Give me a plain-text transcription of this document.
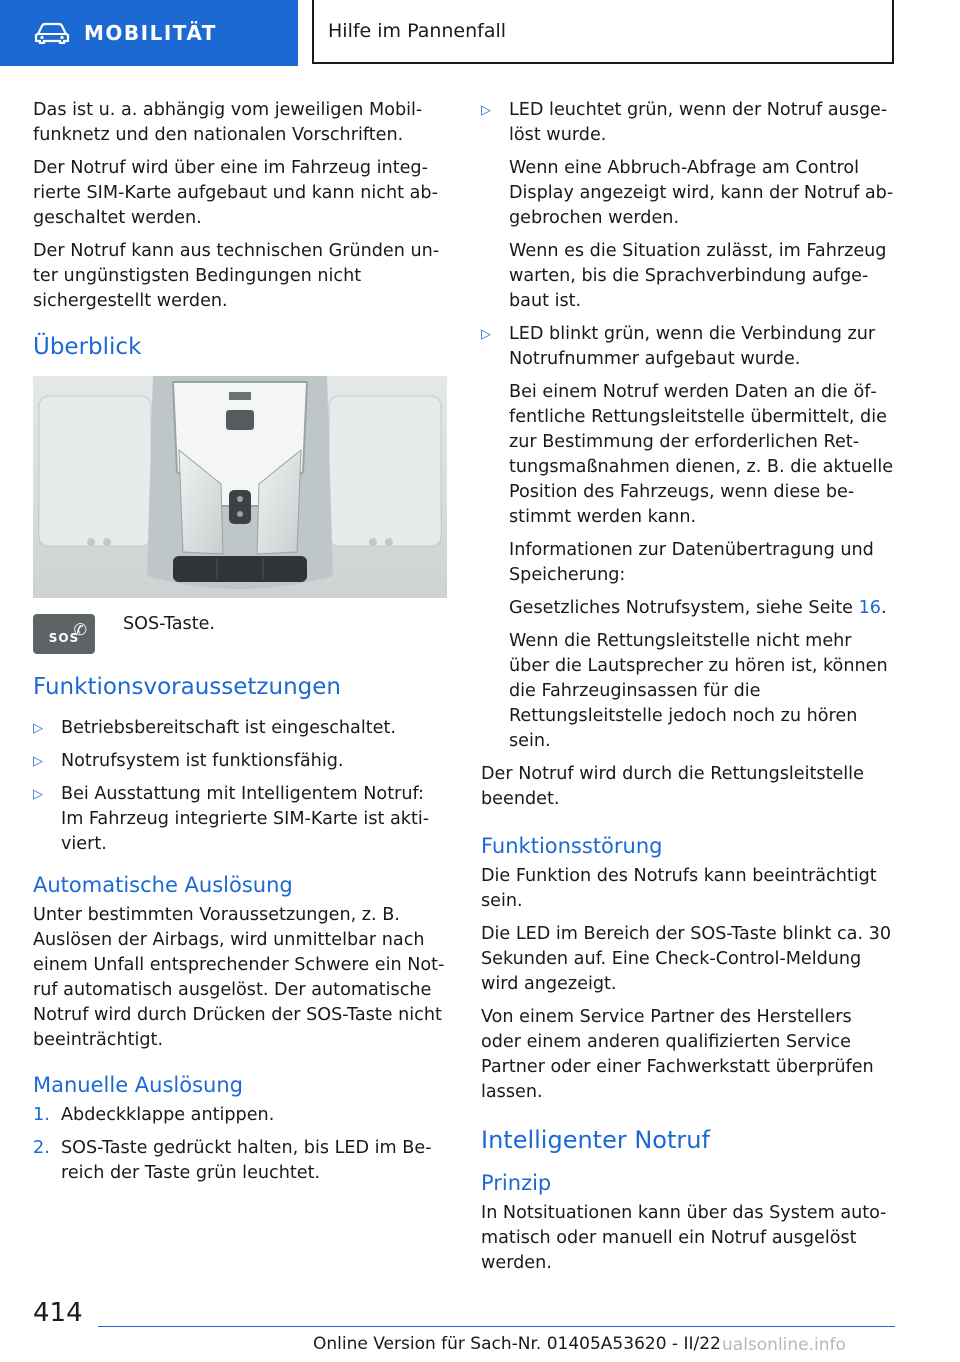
MOBILITÄT	Hilfe im Pannenfall

Das ist u. a. abhängig vom jeweiligen Mobilfunknetz und den nationalen Vorschriften.

Der Notruf wird über eine im Fahrzeug integrierte SIM-Karte aufgebaut und kann nicht abgeschaltet werden.

Der Notruf kann aus technischen Gründen unter ungünstigsten Bedingungen nicht sichergestellt werden.

Überblick
✆
SOS
SOS-Taste.
Funktionsvoraussetzungen
▷ Betriebsbereitschaft ist eingeschaltet.
▷ Notrufsystem ist funktionsfähig.
▷ Bei Ausstattung mit Intelligentem Notruf: Im Fahrzeug integrierte SIM-Karte ist aktiviert.
Automatische Auslösung

Unter bestimmten Voraussetzungen, z. B. Auslösen der Airbags, wird unmittelbar nach einem Unfall entsprechender Schwere ein Notruf automatisch ausgelöst. Der automatische Notruf wird durch Drücken der SOS-Taste nicht beeinträchtigt.

Manuelle Auslösung
1. Abdeckklappe antippen.
2. SOS-Taste gedrückt halten, bis LED im Bereich der Taste grün leuchtet.
▷ LED leuchtet grün, wenn der Notruf ausgelöst wurde.
Wenn eine Abbruch-Abfrage am Control Display angezeigt wird, kann der Notruf abgebrochen werden.
Wenn es die Situation zulässt, im Fahrzeug warten, bis die Sprachverbindung aufgebaut ist.
▷ LED blinkt grün, wenn die Verbindung zur Notrufnummer aufgebaut wurde.
Bei einem Notruf werden Daten an die öffentliche Rettungsleitstelle übermittelt, die zur Bestimmung der erforderlichen Rettungsmaßnahmen dienen, z. B. die aktuelle Position des Fahrzeugs, wenn diese bestimmt werden kann.
Informationen zur Datenübertragung und Speicherung:
Gesetzliches Notrufsystem, siehe Seite 16.
Wenn die Rettungsleitstelle nicht mehr über die Lautsprecher zu hören ist, können die Fahrzeuginsassen für die Rettungsleitstelle jedoch noch zu hören sein.

Der Notruf wird durch die Rettungsleitstelle beendet.

Funktionsstörung

Die Funktion des Notrufs kann beeinträchtigt sein.

Die LED im Bereich der SOS-Taste blinkt ca. 30 Sekunden auf. Eine Check-Control-Meldung wird angezeigt.

Von einem Service Partner des Herstellers oder einem anderen qualifizierten Service Partner oder einer Fachwerkstatt überprüfen lassen.

Intelligenter Notruf
Prinzip

In Notsituationen kann über das System automatisch oder manuell ein Notruf ausgelöst werden.

414
Online Version für Sach-Nr. 01405A53620 - II/22 ualsonline.info
